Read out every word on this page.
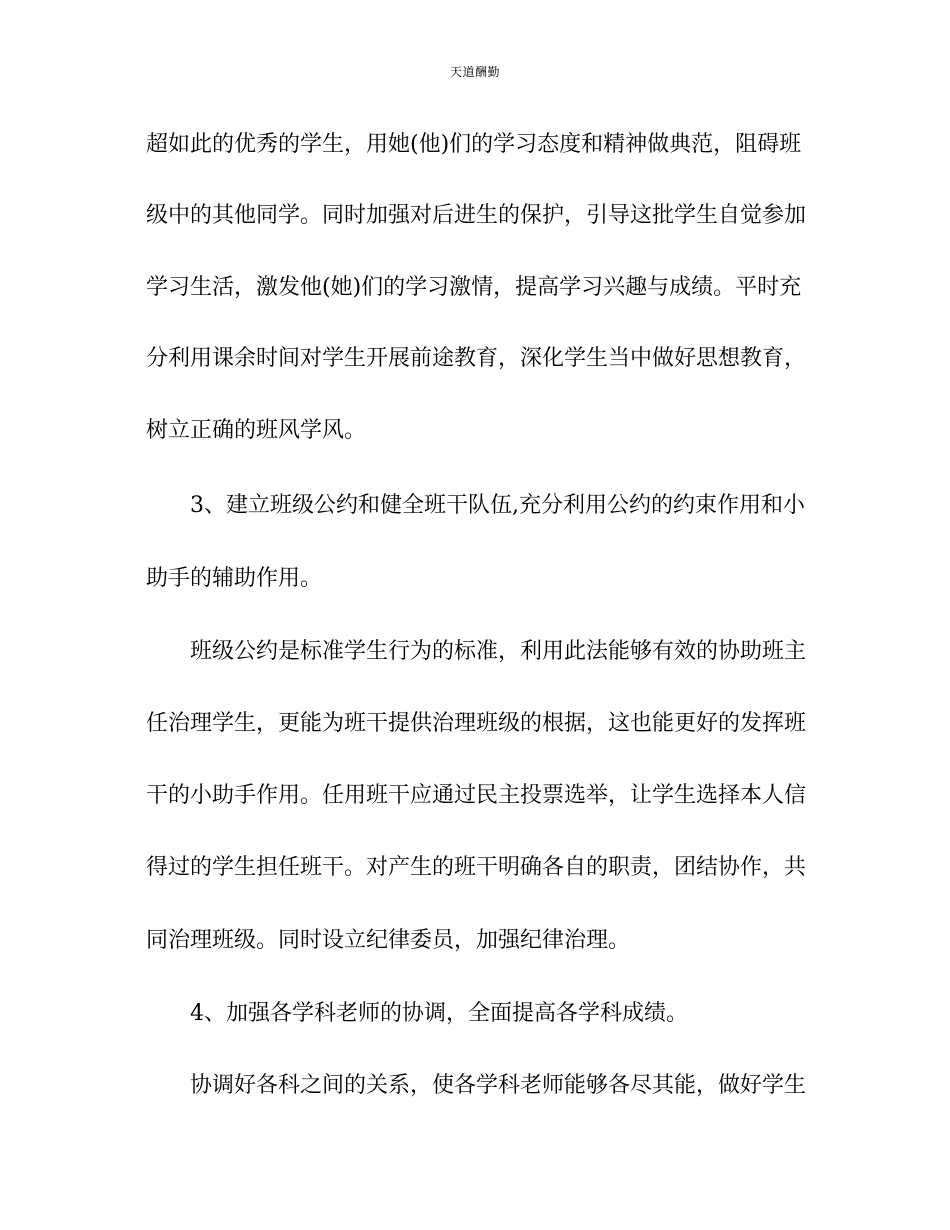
天道酬勤
超如此的优秀的学生，用她(他)们的学习态度和精神做典范，阻碍班
级中的其他同学。同时加强对后进生的保护，引导这批学生自觉参加
学习生活，激发他(她)们的学习激情，提高学习兴趣与成绩。平时充
分利用课余时间对学生开展前途教育，深化学生当中做好思想教育，
树立正确的班风学风。
3、建立班级公约和健全班干队伍,充分利用公约的约束作用和小
助手的辅助作用。
班级公约是标准学生行为的标准，利用此法能够有效的协助班主
任治理学生，更能为班干提供治理班级的根据，这也能更好的发挥班
干的小助手作用。任用班干应通过民主投票选举，让学生选择本人信
得过的学生担任班干。对产生的班干明确各自的职责，团结协作，共
同治理班级。同时设立纪律委员，加强纪律治理。
4、加强各学科老师的协调，全面提高各学科成绩。
协调好各科之间的关系，使各学科老师能够各尽其能，做好学生
